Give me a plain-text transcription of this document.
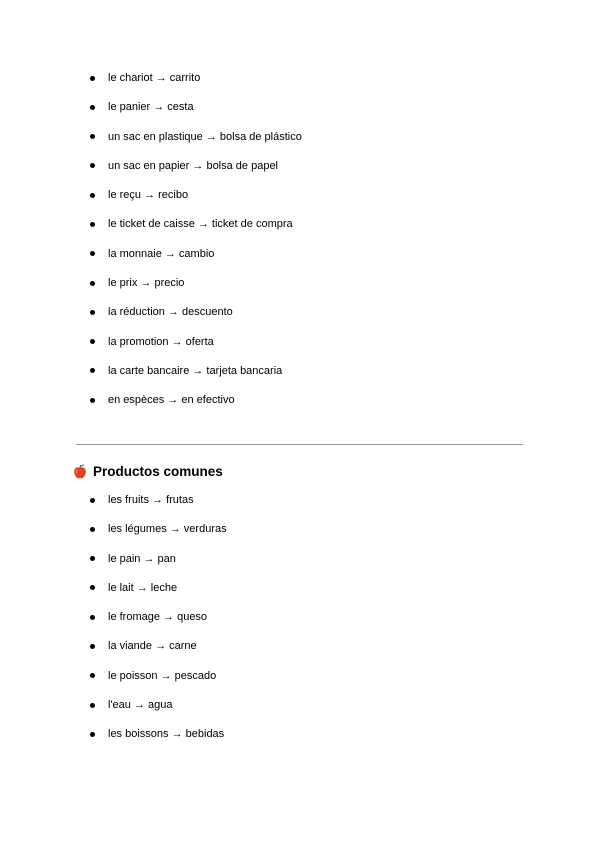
le chariot → carrito
le panier → cesta
un sac en plastique → bolsa de plástico
un sac en papier → bolsa de papel
le reçu → recibo
le ticket de caisse → ticket de compra
la monnaie → cambio
le prix → precio
la réduction → descuento
la promotion → oferta
la carte bancaire → tarjeta bancaria
en espèces → en efectivo
Productos comunes
les fruits → frutas
les légumes → verduras
le pain → pan
le lait → leche
le fromage → queso
la viande → carne
le poisson → pescado
l'eau → agua
les boissons → bebidas
